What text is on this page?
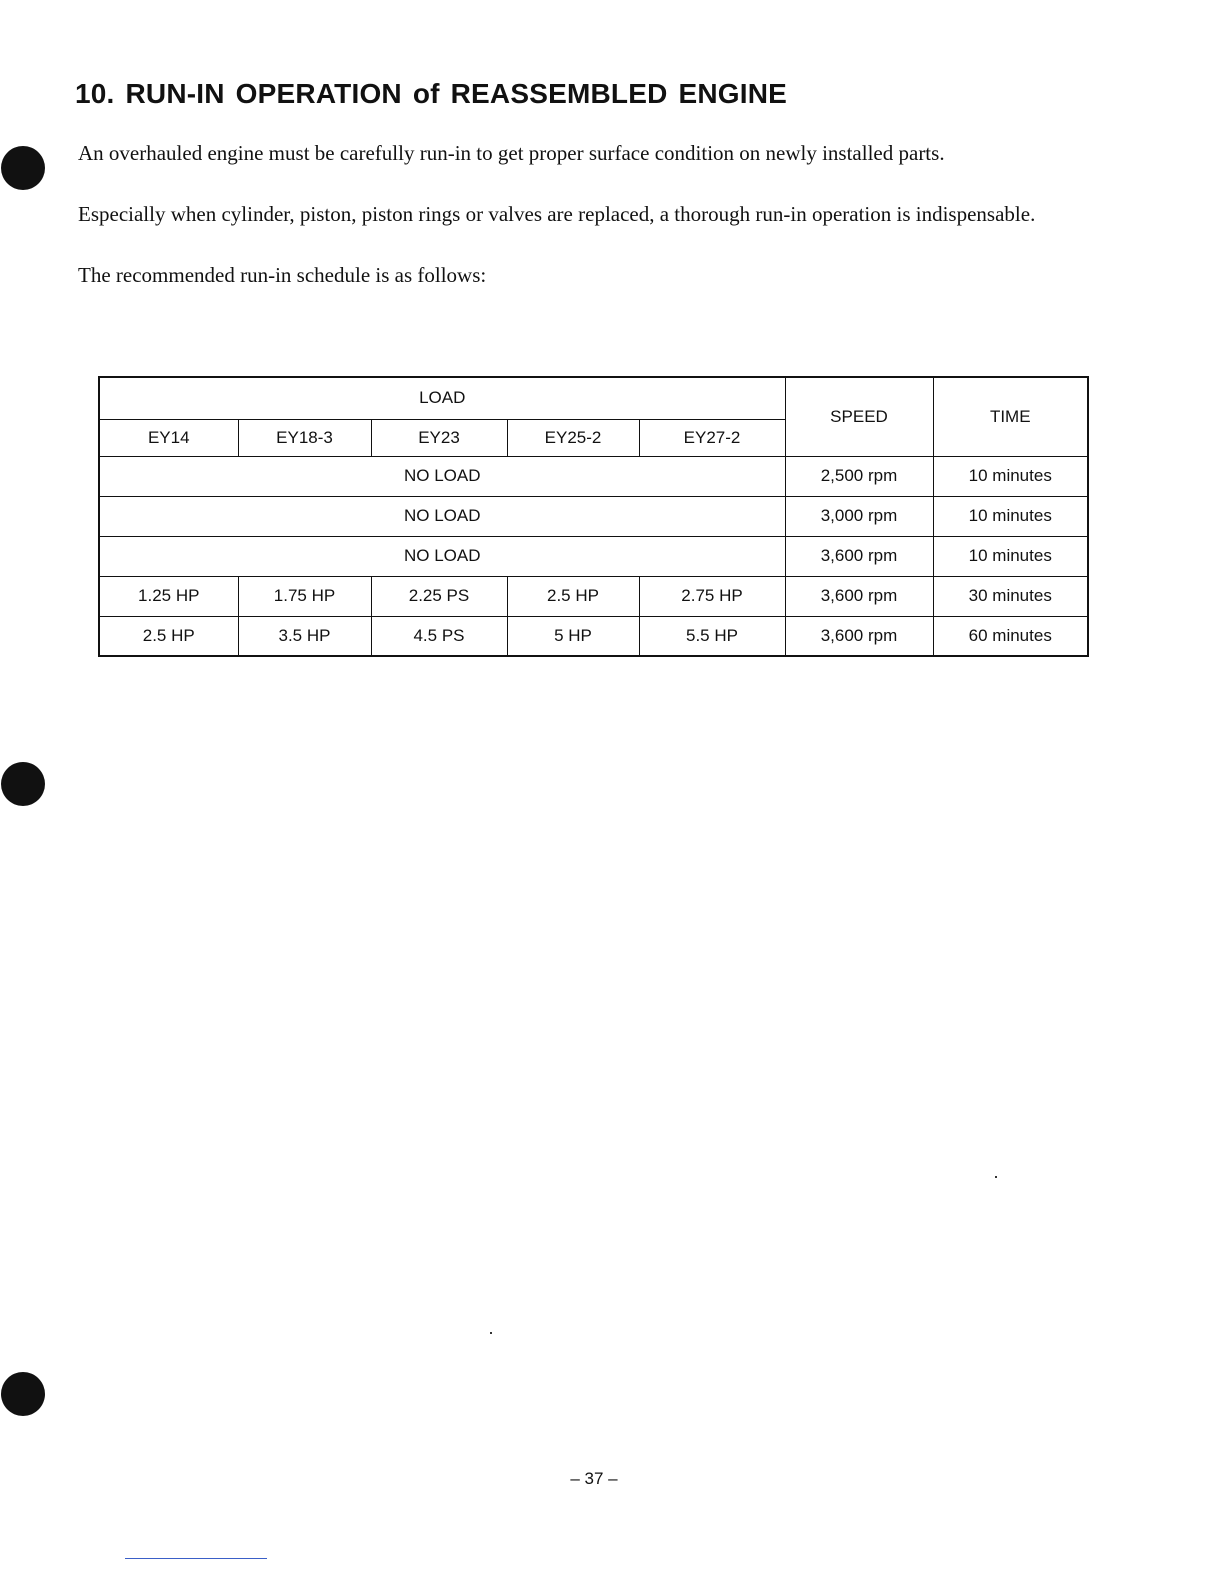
10. RUN-IN OPERATION of REASSEMBLED ENGINE

An overhauled engine must be carefully run-in to get proper surface condition on newly installed parts.

Especially when cylinder, piston, piston rings or valves are replaced, a thorough run-in operation is indispensable.

The recommended run-in schedule is as follows:

LOAD					SPEED	TIME
EY14	EY18-3	EY23	EY25-2	EY27-2		
NO LOAD					2,500 rpm	10 minutes
NO LOAD					3,000 rpm	10 minutes
NO LOAD					3,600 rpm	10 minutes
1.25 HP	1.75 HP	2.25 PS	2.5 HP	2.75 HP	3,600 rpm	30 minutes
2.5 HP	3.5 HP	4.5 PS	5 HP	5.5 HP	3,600 rpm	60 minutes
– 37 –
